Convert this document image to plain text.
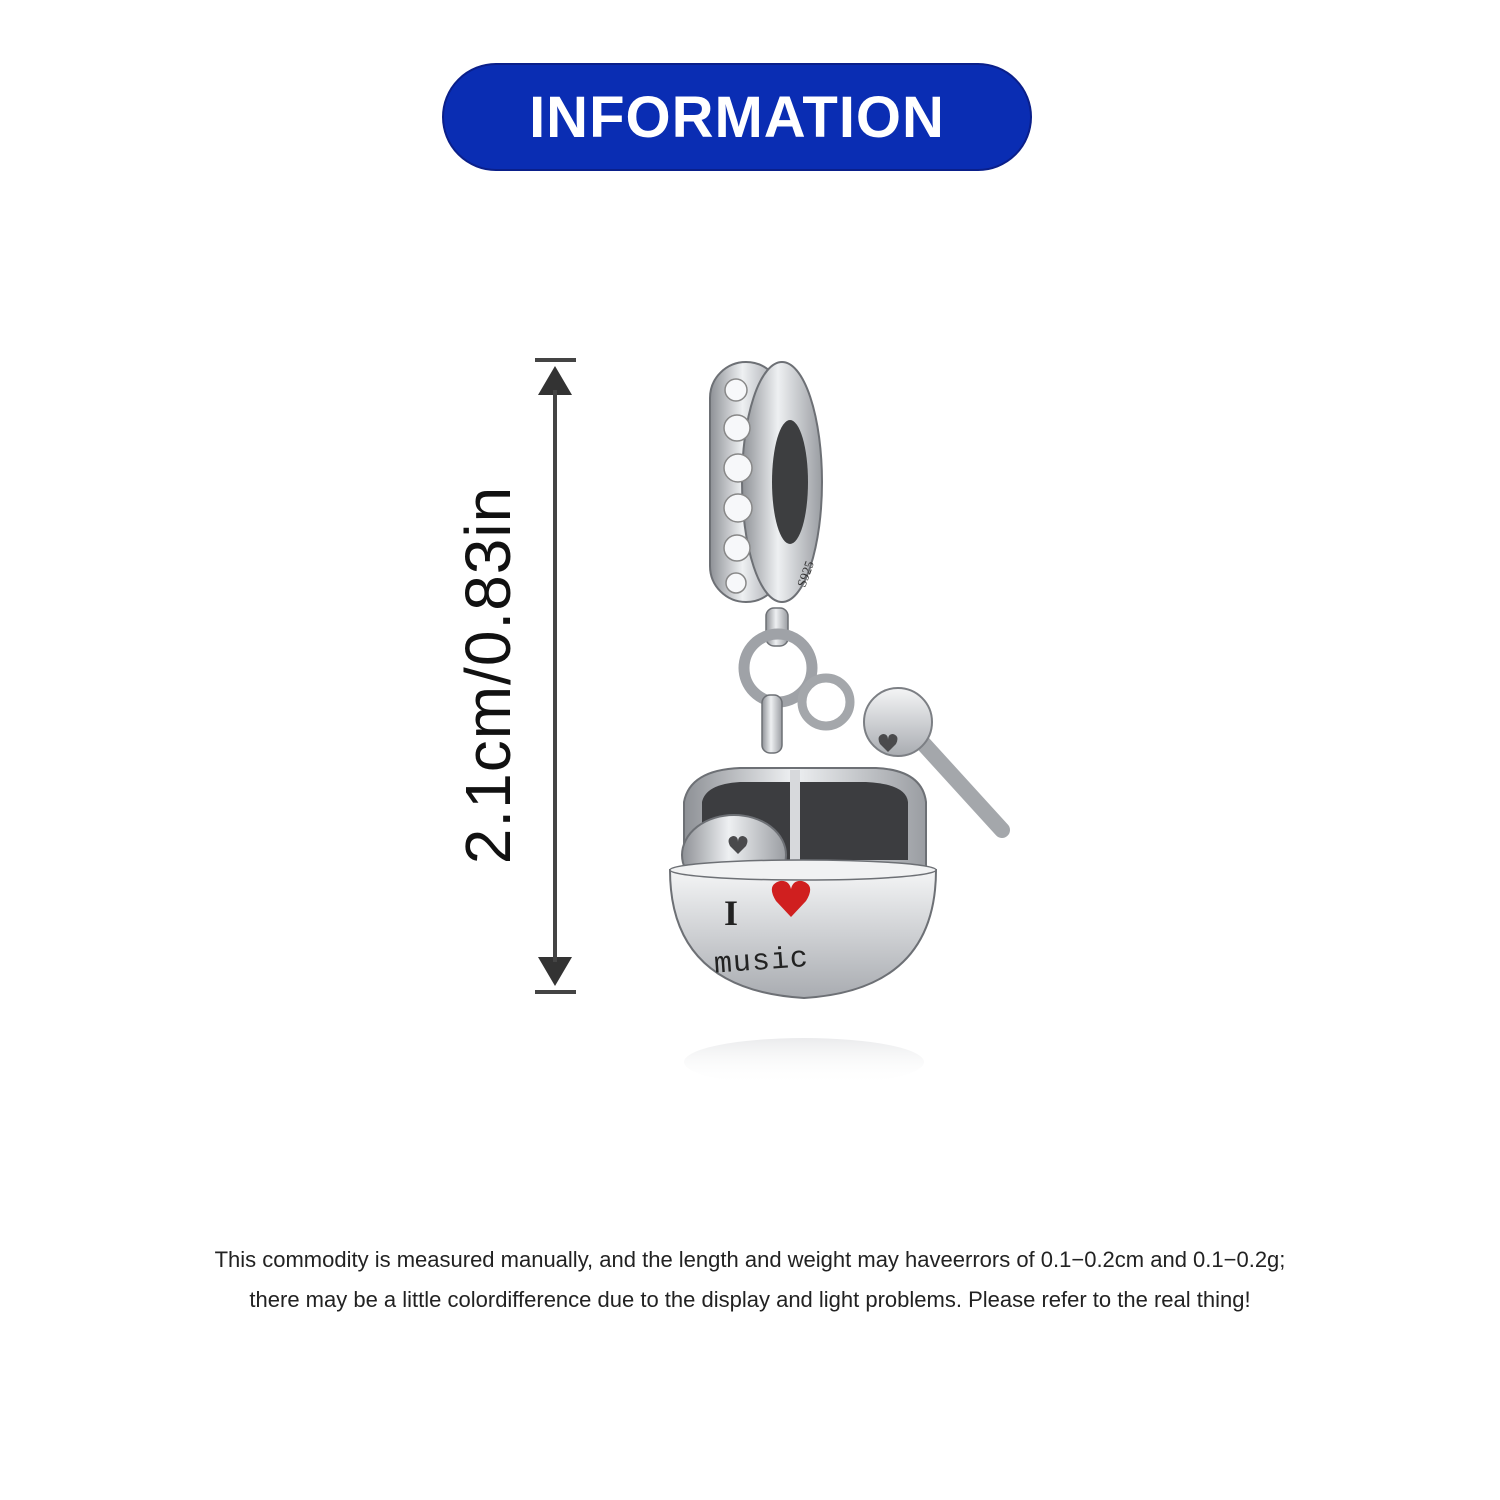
INFORMATION
2.1cm/0.83in	S925
I
music
This commodity is measured manually, and the length and weight may haveerrors of 0.1−0.2cm and 0.1−0.2g;
there may be a little colordifference due to the display and light problems. Please refer to the real thing!
